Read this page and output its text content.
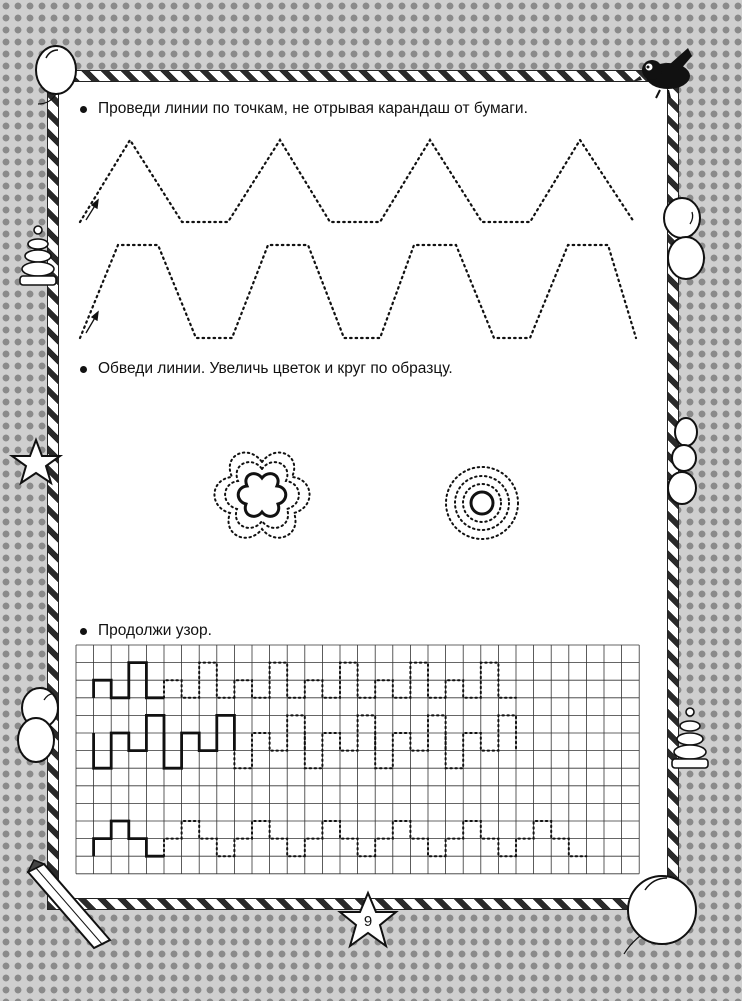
Проведи линии по точкам, не отрывая карандаш от бумаги.
Обведи линии. Увеличь цветок и круг по образцу.
Продолжи узор.
9
